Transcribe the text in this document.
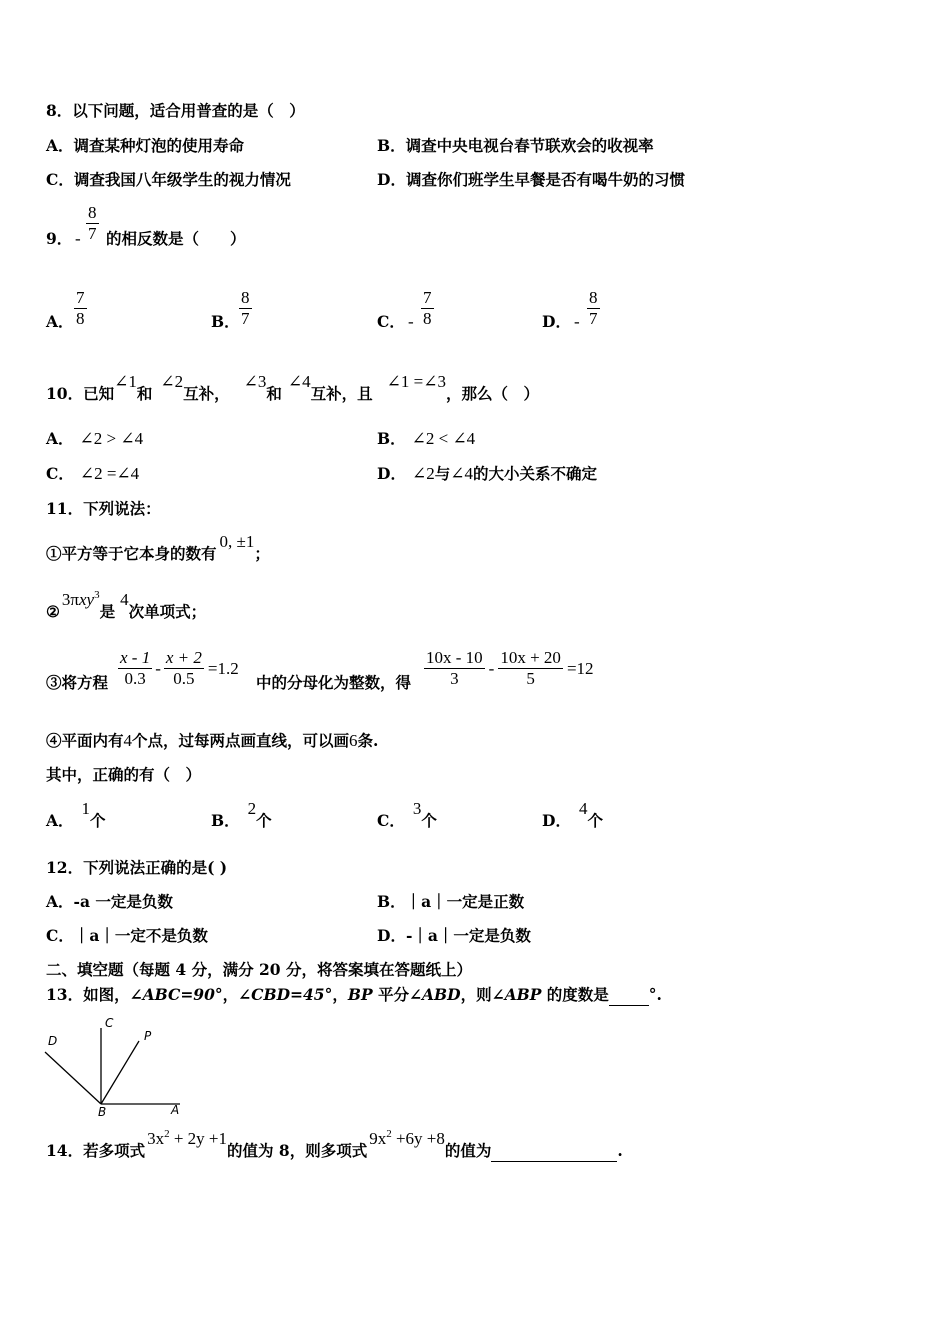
8．以下问题，适合用普查的是（　）
A．调查某种灯泡的使用寿命	B．调查中央电视台春节联欢会的收视率
C．调查我国八年级学生的视力情况	D．调查你们班学生早餐是否有喝牛奶的习惯
9． - $\frac{8}{7}$ 的相反数是（　　）
A． $\frac{7}{8}$	B． $\frac{8}{7}$	C． - $\frac{7}{8}$	D． - $\frac{8}{7}$
10．已知∠1和∠2互补，∠3和∠4互补，且∠1 =∠3，那么（　）
A． ∠2 > ∠4	B． ∠2 < ∠4
C． ∠2 =∠4	D． ∠2与∠4的大小关系不确定
11．下列说法：
①平方等于它本身的数有0, ±1；
②3πxy$^3$是4次单项式；
③将方程 $\frac{x - 1}{0.3} - \frac{x + 2}{0.5} =1.2$
中的分母化为整数，得 $\frac{10x - 10}{3} - \frac{10x + 20}{5} =12$
④平面内有4个点，过每两点画直线，可以画6条.
其中，正确的有（　）
A．1个	B．2个	C．3个	D．4个
12．下列说法正确的是( )
A．-a 一定是负数	B．｜a｜一定是正数
C．｜a｜一定不是负数	D．-｜a｜一定是负数
二、填空题（每题 4 分，满分 20 分，将答案填在答题纸上）
13．如图，∠ABC=90°，∠CBD=45°，BP 平分∠ABD，则∠ABP 的度数是	°.
D
C
P
B	A
14．若多项式$3x^2 + 2y +1$的值为 8，则多项式$9x^2 +6y +8$的值为	.
